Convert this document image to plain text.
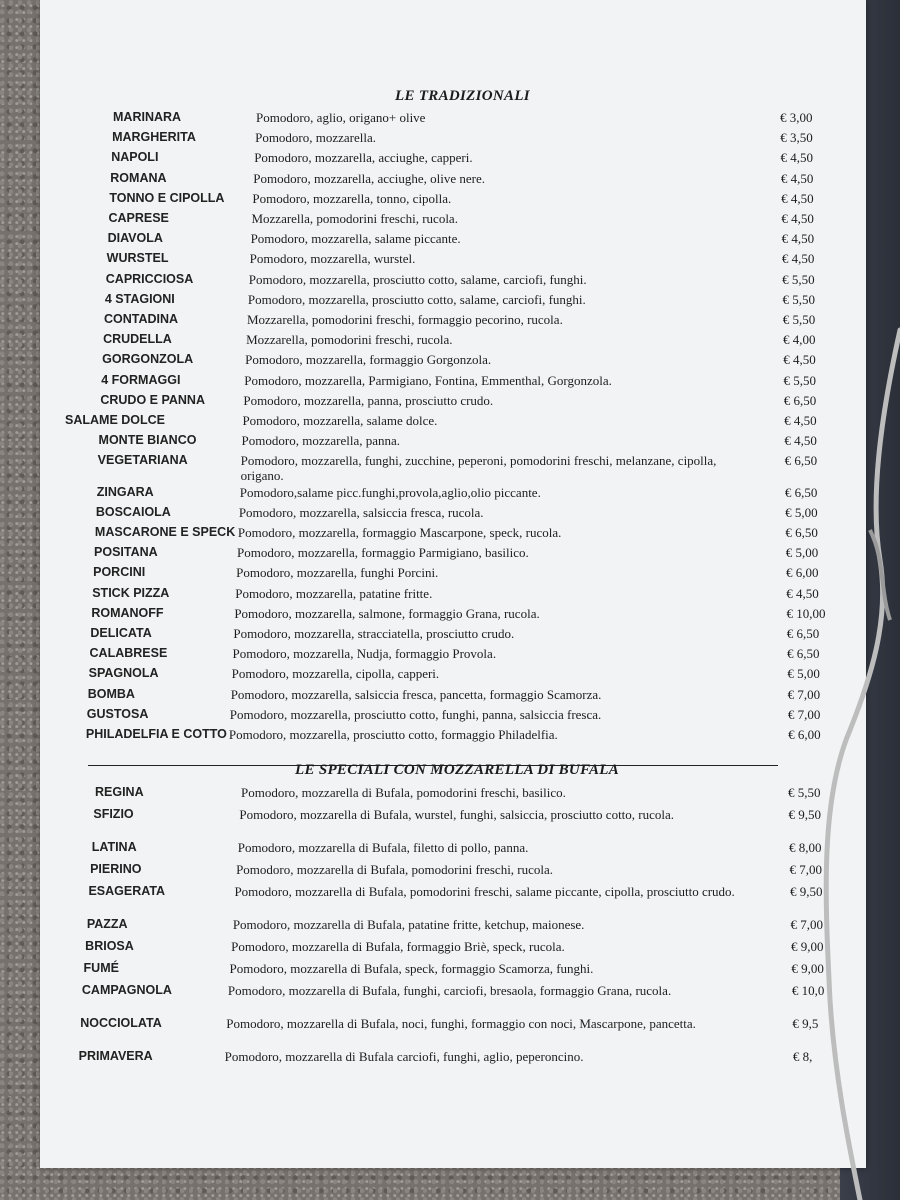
LE TRADIZIONALI
MARINARA	Pomodoro, aglio, origano+ olive	€ 3,00
MARGHERITA	Pomodoro, mozzarella.	€ 3,50
NAPOLI	Pomodoro, mozzarella, acciughe, capperi.	€ 4,50
ROMANA	Pomodoro, mozzarella, acciughe, olive nere.	€ 4,50
TONNO E CIPOLLA Pomodoro, mozzarella, tonno, cipolla.	€ 4,50
CAPRESE	Mozzarella, pomodorini freschi, rucola.	€ 4,50
DIAVOLA	Pomodoro, mozzarella, salame piccante.	€ 4,50
WURSTEL	Pomodoro, mozzarella, wurstel.	€ 4,50
CAPRICCIOSA	Pomodoro, mozzarella, prosciutto cotto, salame, carciofi, funghi.	€ 5,50
4 STAGIONI	Pomodoro, mozzarella, prosciutto cotto, salame, carciofi, funghi.	€ 5,50
CONTADINA	Mozzarella, pomodorini freschi, formaggio pecorino, rucola.	€ 5,50
CRUDELLA	Mozzarella, pomodorini freschi, rucola.	€ 4,00
GORGONZOLA	Pomodoro, mozzarella, formaggio Gorgonzola.	€ 4,50
4 FORMAGGI	Pomodoro, mozzarella, Parmigiano, Fontina, Emmenthal, Gorgonzola.	€ 5,50
CRUDO E PANNA	Pomodoro, mozzarella, panna, prosciutto crudo.	€ 6,50
SALAME DOLCE	Pomodoro, mozzarella, salame dolce.	€ 4,50
MONTE BIANCO	Pomodoro, mozzarella, panna.	€ 4,50
VEGETARIANA	Pomodoro, mozzarella, funghi, zucchine, peperoni, pomodorini freschi, melanzane, cipolla, origano.
€ 6,50
ZINGARA	Pomodoro,salame picc.funghi,provola,aglio,olio piccante.	€ 6,50
BOSCAIOLA	Pomodoro, mozzarella, salsiccia fresca, rucola.	€ 5,00
MASCARONE E SPECK Pomodoro, mozzarella, formaggio Mascarpone, speck, rucola.	€ 6,50
POSITANA	Pomodoro, mozzarella, formaggio Parmigiano, basilico.	€ 5,00
PORCINI	Pomodoro, mozzarella, funghi Porcini.	€ 6,00
STICK PIZZA	Pomodoro, mozzarella, patatine fritte.	€ 4,50
ROMANOFF	Pomodoro, mozzarella, salmone, formaggio Grana, rucola.	€ 10,00
DELICATA	Pomodoro, mozzarella, stracciatella, prosciutto crudo.	€ 6,50
CALABRESE	Pomodoro, mozzarella, Nudja, formaggio Provola.	€ 6,50
SPAGNOLA	Pomodoro, mozzarella, cipolla, capperi.	€ 5,00
BOMBA	Pomodoro, mozzarella, salsiccia fresca, pancetta, formaggio Scamorza.	€ 7,00
GUSTOSA	Pomodoro, mozzarella, prosciutto cotto, funghi, panna, salsiccia fresca.	€ 7,00
PHILADELFIA E COTTO Pomodoro, mozzarella, prosciutto cotto, formaggio Philadelfia.	€ 6,00
LE SPECIALI CON MOZZARELLA DI BUFALA
REGINA	Pomodoro, mozzarella di Bufala, pomodorini freschi, basilico.	€ 5,50
SFIZIO	Pomodoro, mozzarella di Bufala, wurstel, funghi, salsiccia, prosciutto cotto, rucola.	€ 9,50
LATINA	Pomodoro, mozzarella di Bufala, filetto di pollo, panna.	€ 8,00
PIERINO	Pomodoro, mozzarella di Bufala, pomodorini freschi, rucola.	€ 7,00
ESAGERATA	Pomodoro, mozzarella di Bufala, pomodorini freschi, salame piccante, cipolla, prosciutto crudo.	€ 9,50
PAZZA	Pomodoro, mozzarella di Bufala, patatine fritte, ketchup, maionese.	€ 7,00
BRIOSA	Pomodoro, mozzarella di Bufala, formaggio Briè, speck, rucola.	€ 9,00
FUMÉ	Pomodoro, mozzarella di Bufala, speck, formaggio Scamorza, funghi.	€ 9,00
CAMPAGNOLA	Pomodoro, mozzarella di Bufala, funghi, carciofi, bresaola, formaggio Grana, rucola.	€ 10,0
NOCCIOLATA	Pomodoro, mozzarella di Bufala, noci, funghi, formaggio con noci, Mascarpone, pancetta.	€ 9,5
PRIMAVERA	Pomodoro, mozzarella di Bufala carciofi, funghi, aglio, peperoncino.	€ 8,
